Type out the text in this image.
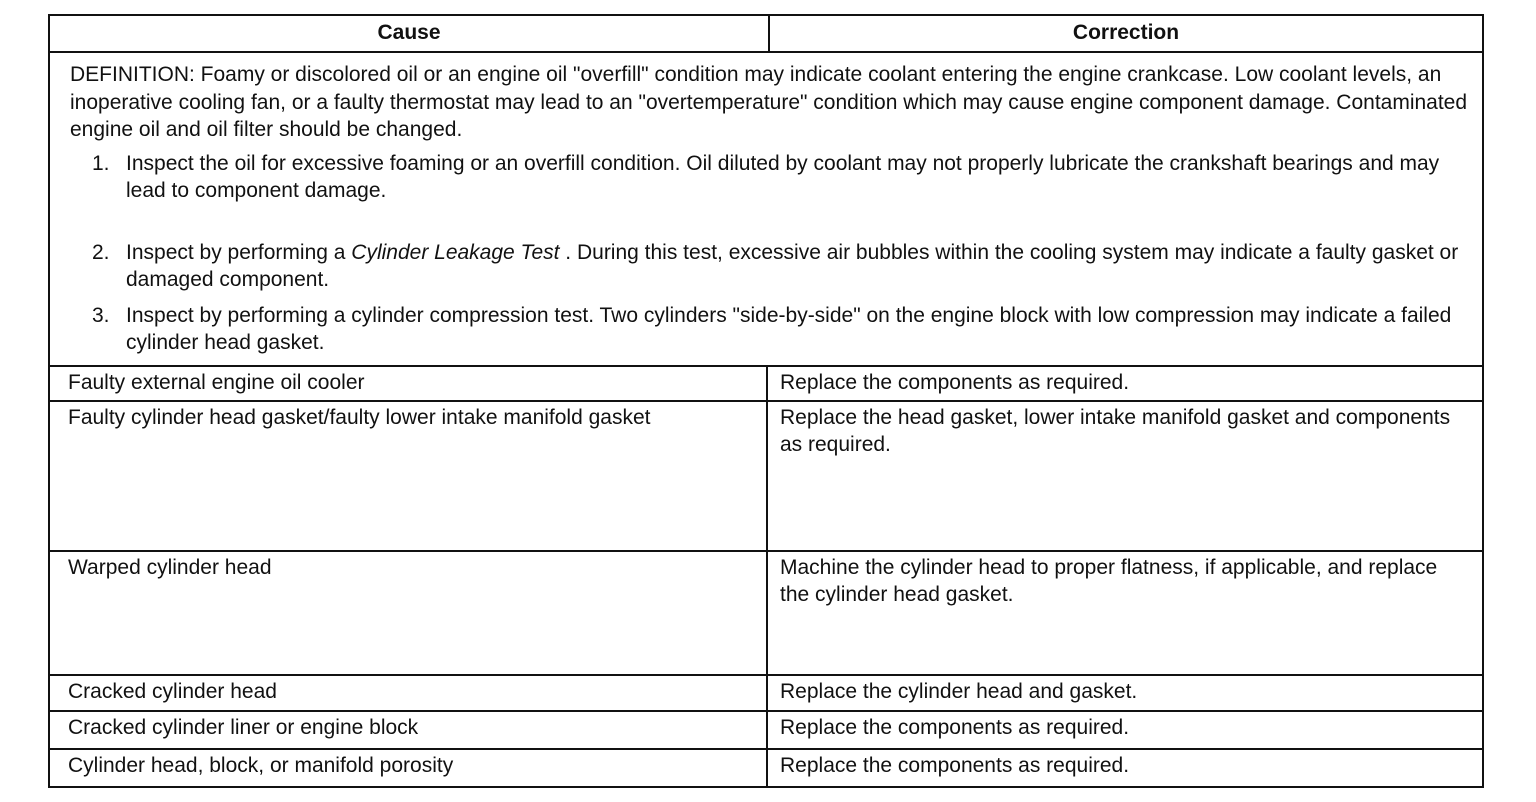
Cause	Correction

DEFINITION: Foamy or discolored oil or an engine oil "overfill" condition may indicate coolant entering the engine crankcase. Low coolant levels, an inoperative cooling fan, or a faulty thermostat may lead to an "overtemperature" condition which may cause engine component damage. Contaminated engine oil and oil filter should be changed.

1. Inspect the oil for excessive foaming or an overfill condition. Oil diluted by coolant may not properly lubricate the crankshaft bearings and may lead to component damage.
2. Inspect by performing a Cylinder Leakage Test . During this test, excessive air bubbles within the cooling system may indicate a faulty gasket or damaged component.
3. Inspect by performing a cylinder compression test. Two cylinders "side-by-side" on the engine block with low compression may indicate a failed cylinder head gasket.
Faulty external engine oil cooler	Replace the components as required.
Faulty cylinder head gasket/faulty lower intake manifold gasket	Replace the head gasket, lower intake manifold gasket and components as required.
Warped cylinder head	Machine the cylinder head to proper flatness, if applicable, and replace the cylinder head gasket.
Cracked cylinder head	Replace the cylinder head and gasket.
Cracked cylinder liner or engine block	Replace the components as required.
Cylinder head, block, or manifold porosity	Replace the components as required.
